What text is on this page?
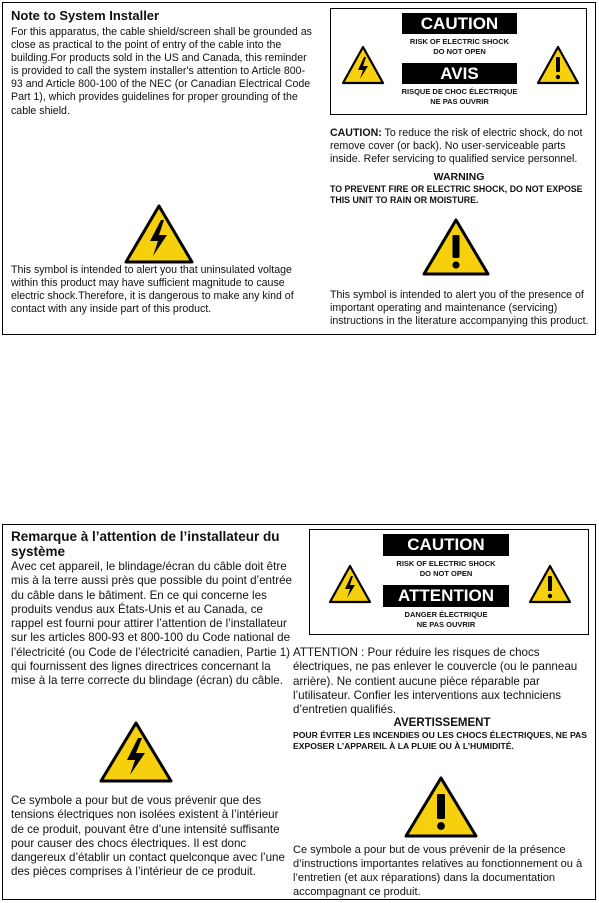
Note to System Installer
For this apparatus, the cable shield/screen shall be grounded as close as practical to the point of entry of the cable into the building.For products sold in the US and Canada, this reminder is provided to call the system installer's attention to Article 800-93 and Article 800-100 of the NEC (or Canadian Electrical Code Part 1), which provides guidelines for proper grounding of the cable shield.
CAUTION
RISK OF ELECTRIC SHOCK
DO NOT OPEN
AVIS
RISQUE DE CHOC ÉLECTRIQUE
NE PAS OUVRIR
CAUTION: To reduce the risk of electric shock, do not remove cover (or back). No user-serviceable parts inside. Refer servicing to qualified service personnel.
WARNING
TO PREVENT FIRE OR ELECTRIC SHOCK, DO NOT EXPOSE THIS UNIT TO RAIN OR MOISTURE.
This symbol is intended to alert you that uninsulated voltage within this product may have sufficient magnitude to cause electric shock.Therefore, it is dangerous to make any kind of contact with any inside part of this product.
This symbol is intended to alert you of the presence of important operating and maintenance (servicing) instructions in the literature accompanying this product.
Remarque à l’attention de l’installateur du système
Avec cet appareil, le blindage/écran du câble doit être mis à la terre aussi près que possible du point d’entrée du câble dans le bâtiment. En ce qui concerne les produits vendus aux États-Unis et au Canada, ce rappel est fourni pour attirer l’attention de l’installateur sur les articles 800-93 et 800-100 du Code national de l’électricité (ou Code de l’électricité canadien, Partie 1) qui fournissent des lignes directrices concernant la mise à la terre correcte du blindage (écran) du câble.
CAUTION
RISK OF ELECTRIC SHOCK
DO NOT OPEN
ATTENTION
DANGER ÉLECTRIQUE
NE PAS OUVRIR
ATTENTION : Pour réduire les risques de chocs électriques, ne pas enlever le couvercle (ou le panneau arrière). Ne contient aucune pièce réparable par l’utilisateur. Confier les interventions aux techniciens d’entretien qualifiés.
AVERTISSEMENT
POUR ÉVITER LES INCENDIES OU LES CHOCS ÉLECTRIQUES, NE PAS EXPOSER L’APPAREIL À LA PLUIE OU À L’HUMIDITÉ.
Ce symbole a pour but de vous prévenir que des tensions électriques non isolées existent à l’intérieur de ce produit, pouvant être d’une intensité suffisante pour causer des chocs électriques. Il est donc dangereux d’établir un contact quelconque avec l’une des pièces comprises à l’intérieur de ce produit.
Ce symbole a pour but de vous prévenir de la présence d’instructions importantes relatives au fonctionnement ou à l’entretien (et aux réparations) dans la documentation accompagnant ce produit.
